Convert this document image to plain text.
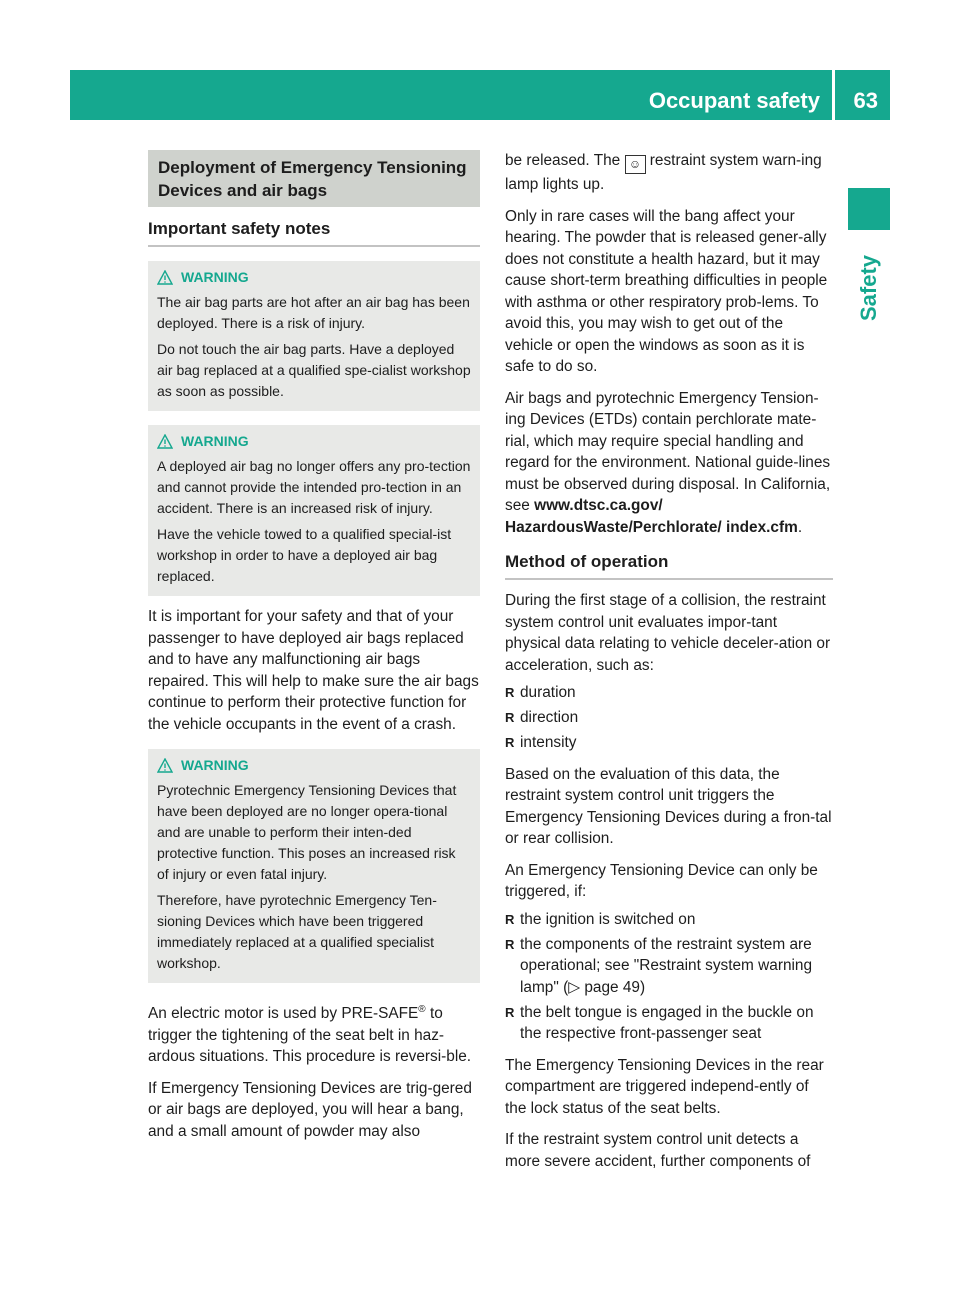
Occupant safety 63
Safety
Deployment of Emergency Tensioning Devices and air bags
Important safety notes
WARNING

The air bag parts are hot after an air bag has been deployed. There is a risk of injury.

Do not touch the air bag parts. Have a deployed air bag replaced at a qualified spe-cialist workshop as soon as possible.

WARNING

A deployed air bag no longer offers any pro-tection and cannot provide the intended pro-tection in an accident. There is an increased risk of injury.

Have the vehicle towed to a qualified special-ist workshop in order to have a deployed air bag replaced.

It is important for your safety and that of your passenger to have deployed air bags replaced and to have any malfunctioning air bags repaired. This will help to make sure the air bags continue to perform their protective function for the vehicle occupants in the event of a crash.

WARNING

Pyrotechnic Emergency Tensioning Devices that have been deployed are no longer opera-tional and are unable to perform their inten-ded protective function. This poses an increased risk of injury or even fatal injury.

Therefore, have pyrotechnic Emergency Ten-sioning Devices which have been triggered immediately replaced at a qualified specialist workshop.

An electric motor is used by PRE-SAFE® to trigger the tightening of the seat belt in haz-ardous situations. This procedure is reversi-ble.

If Emergency Tensioning Devices are trig-gered or air bags are deployed, you will hear a bang, and a small amount of powder may also

be released. The ☺ restraint system warn-ing lamp lights up.

Only in rare cases will the bang affect your hearing. The powder that is released gener-ally does not constitute a health hazard, but it may cause short-term breathing difficulties in people with asthma or other respiratory prob-lems. To avoid this, you may wish to get out of the vehicle or open the windows as soon as it is safe to do so.

Air bags and pyrotechnic Emergency Tension-ing Devices (ETDs) contain perchlorate mate-rial, which may require special handling and regard for the environment. National guide-lines must be observed during disposal. In California, see www.dtsc.ca.gov/ HazardousWaste/Perchlorate/ index.cfm.

Method of operation

During the first stage of a collision, the restraint system control unit evaluates impor-tant physical data relating to vehicle deceler-ation or acceleration, such as:

R duration
R direction
R intensity

Based on the evaluation of this data, the restraint system control unit triggers the Emergency Tensioning Devices during a fron-tal or rear collision.

An Emergency Tensioning Device can only be triggered, if:

R the ignition is switched on
R the components of the restraint system are operational; see "Restraint system warning lamp" (▷ page 49)
R the belt tongue is engaged in the buckle on the respective front-passenger seat

The Emergency Tensioning Devices in the rear compartment are triggered independ-ently of the lock status of the seat belts.

If the restraint system control unit detects a more severe accident, further components of
